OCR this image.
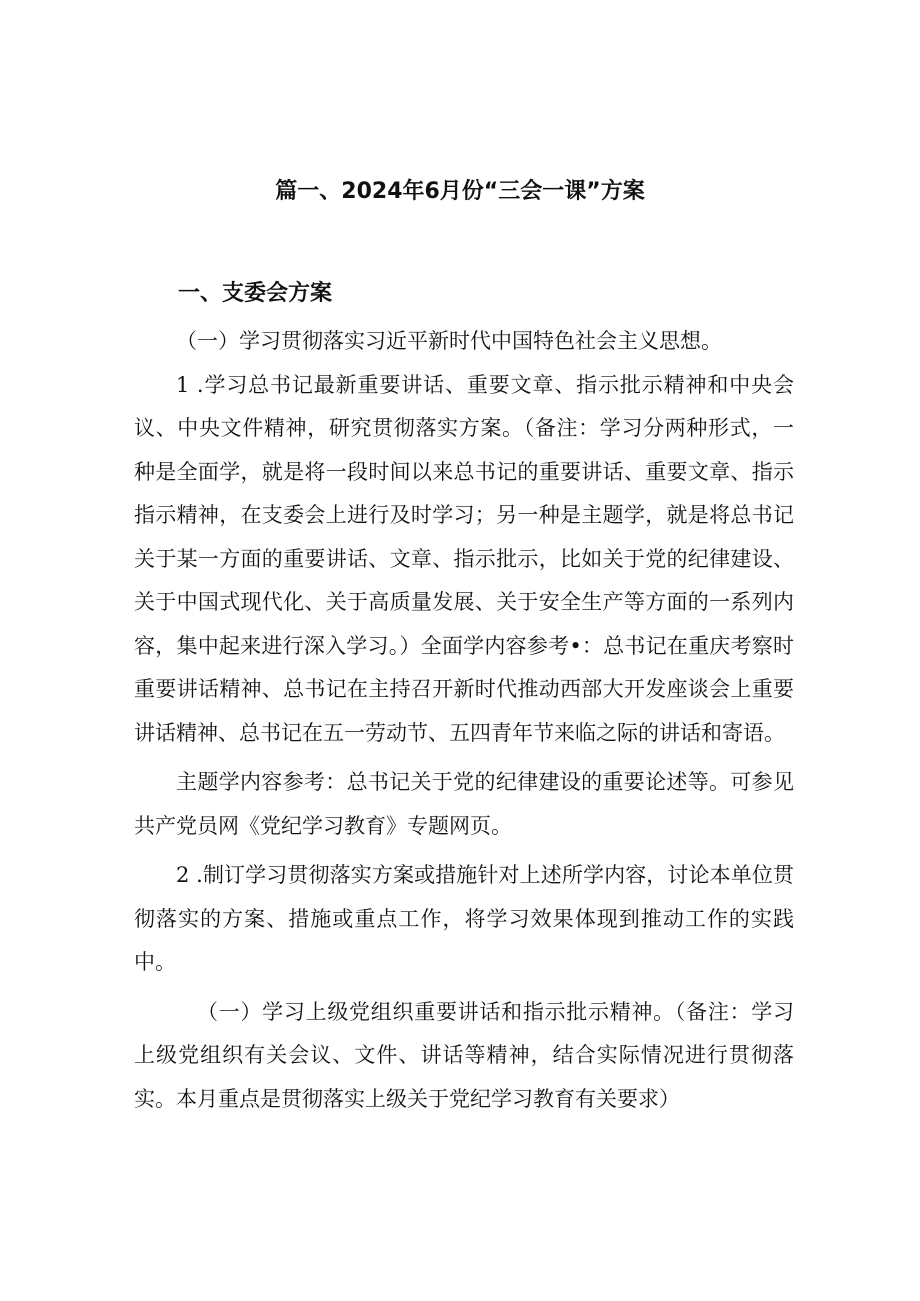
篇一、2024年6月份“三会一课”方案
一、支委会方案

（一）学习贯彻落实习近平新时代中国特色社会主义思想。

1 .学习总书记最新重要讲话、重要文章、指示批示精神和中央会议、中央文件精神，研究贯彻落实方案。（备注：学习分两种形式，一种是全面学，就是将一段时间以来总书记的重要讲话、重要文章、指示指示精神，在支委会上进行及时学习；另一种是主题学，就是将总书记关于某一方面的重要讲话、文章、指示批示，比如关于党的纪律建设、关于中国式现代化、关于高质量发展、关于安全生产等方面的一系列内容，集中起来进行深入学习。）全面学内容参考•：总书记在重庆考察时重要讲话精神、总书记在主持召开新时代推动西部大开发座谈会上重要讲话精神、总书记在五一劳动节、五四青年节来临之际的讲话和寄语。

主题学内容参考：总书记关于党的纪律建设的重要论述等。可参见共产党员网《党纪学习教育》专题网页。

2 .制订学习贯彻落实方案或措施针对上述所学内容，讨论本单位贯彻落实的方案、措施或重点工作，将学习效果体现到推动工作的实践中。

（一）学习上级党组织重要讲话和指示批示精神。（备注：学习上级党组织有关会议、文件、讲话等精神，结合实际情况进行贯彻落实。本月重点是贯彻落实上级关于党纪学习教育有关要求）
